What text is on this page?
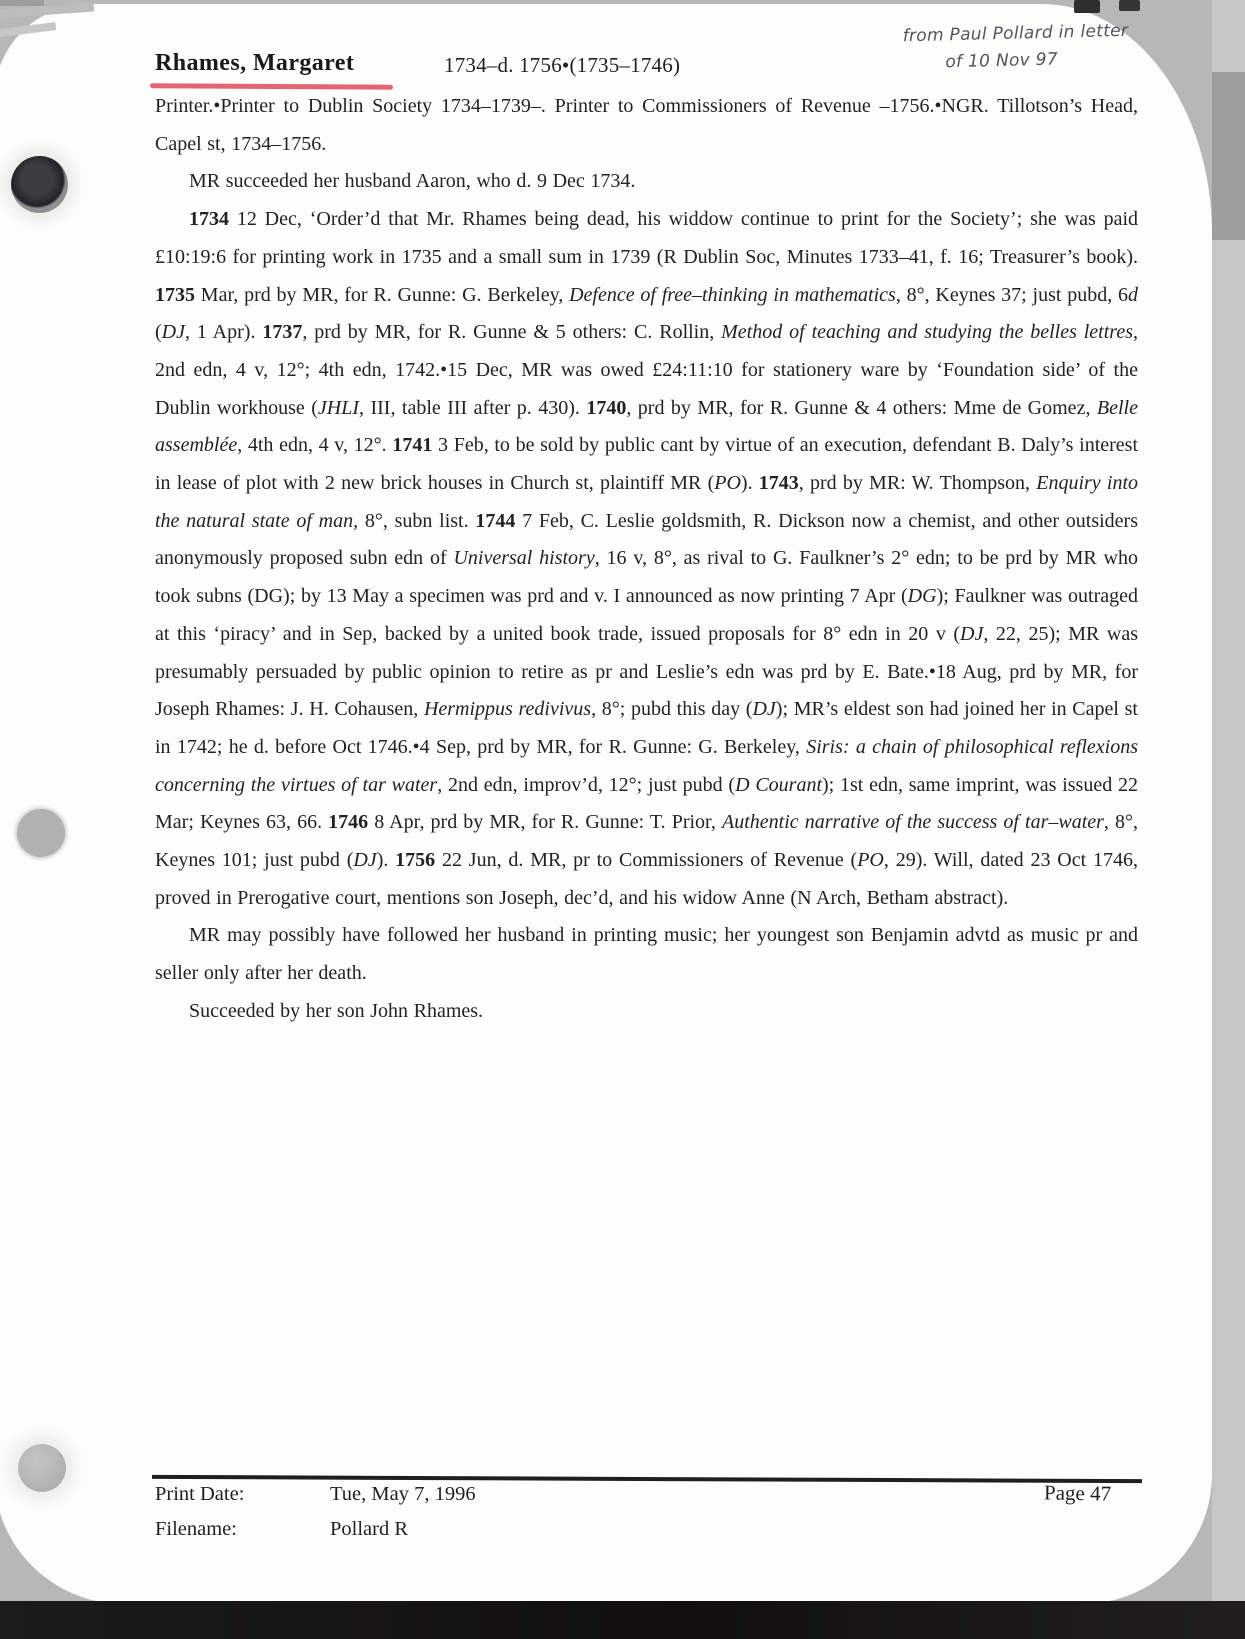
Rhames, Margaret	1734–d. 1756•(1735–1746)
from Paul Pollard in letter
of 10 Nov 97

Printer.•Printer to Dublin Society 1734–1739–. Printer to Commissioners of Revenue –1756.•NGR. Tillotson’s Head, Capel st, 1734–1756.

MR succeeded her husband Aaron, who d. 9 Dec 1734.

1734 12 Dec, ‘Order’d that Mr. Rhames being dead, his widdow continue to print for the Society’; she was paid £10:19:6 for printing work in 1735 and a small sum in 1739 (R Dublin Soc, Minutes 1733–41, f. 16; Treasurer’s book). 1735 Mar, prd by MR, for R. Gunne: G. Berkeley, Defence of free–thinking in mathematics, 8°, Keynes 37; just pubd, 6d (DJ, 1 Apr). 1737, prd by MR, for R. Gunne & 5 others: C. Rollin, Method of teaching and studying the belles lettres, 2nd edn, 4 v, 12°; 4th edn, 1742.•15 Dec, MR was owed £24:11:10 for stationery ware by ‘Foundation side’ of the Dublin workhouse (JHLI, III, table III after p. 430). 1740, prd by MR, for R. Gunne & 4 others: Mme de Gomez, Belle assemblée, 4th edn, 4 v, 12°. 1741 3 Feb, to be sold by public cant by virtue of an execution, defendant B. Daly’s interest in lease of plot with 2 new brick houses in Church st, plaintiff MR (PO). 1743, prd by MR: W. Thompson, Enquiry into the natural state of man, 8°, subn list. 1744 7 Feb, C. Leslie goldsmith, R. Dickson now a chemist, and other outsiders anonymously proposed subn edn of Universal history, 16 v, 8°, as rival to G. Faulkner’s 2° edn; to be prd by MR who took subns (DG); by 13 May a specimen was prd and v. I announced as now printing 7 Apr (DG); Faulkner was outraged at this ‘piracy’ and in Sep, backed by a united book trade, issued proposals for 8° edn in 20 v (DJ, 22, 25); MR was presumably persuaded by public opinion to retire as pr and Leslie’s edn was prd by E. Bate.•18 Aug, prd by MR, for Joseph Rhames: J. H. Cohausen, Hermippus redivivus, 8°; pubd this day (DJ); MR’s eldest son had joined her in Capel st in 1742; he d. before Oct 1746.•4 Sep, prd by MR, for R. Gunne: G. Berkeley, Siris: a chain of philosophical reflexions concerning the virtues of tar water, 2nd edn, improv’d, 12°; just pubd (D Courant); 1st edn, same imprint, was issued 22 Mar; Keynes 63, 66. 1746 8 Apr, prd by MR, for R. Gunne: T. Prior, Authentic narrative of the success of tar–water, 8°, Keynes 101; just pubd (DJ). 1756 22 Jun, d. MR, pr to Commissioners of Revenue (PO, 29). Will, dated 23 Oct 1746, proved in Prerogative court, mentions son Joseph, dec’d, and his widow Anne (N Arch, Betham abstract).

MR may possibly have followed her husband in printing music; her youngest son Benjamin advtd as music pr and seller only after her death.

Succeeded by her son John Rhames.

Print Date:	Tue, May 7, 1996
Filename:	Pollard R
Page 47
